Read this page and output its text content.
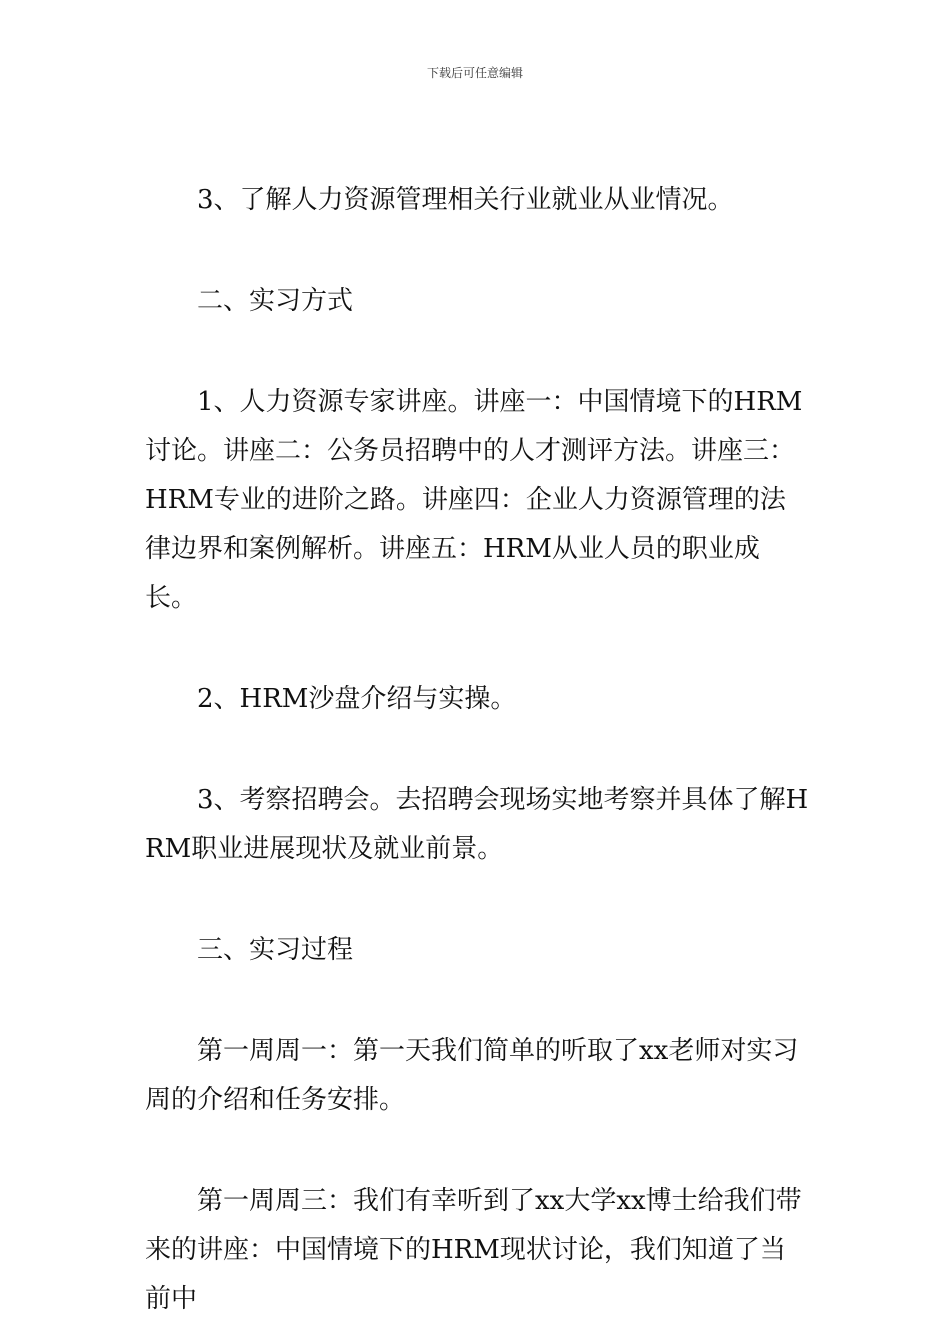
下载后可任意编辑

3、了解人力资源管理相关行业就业从业情况。

二、实习方式

1、人力资源专家讲座。讲座一：中国情境下的HRM讨论。讲座二：公务员招聘中的人才测评方法。讲座三：HRM专业的进阶之路。讲座四：企业人力资源管理的法律边界和案例解析。讲座五：HRM从业人员的职业成长。

2、HRM沙盘介绍与实操。

3、考察招聘会。去招聘会现场实地考察并具体了解HRM职业进展现状及就业前景。

三、实习过程

第一周周一：第一天我们简单的听取了xx老师对实习周的介绍和任务安排。

第一周周三：我们有幸听到了xx大学xx博士给我们带来的讲座：中国情境下的HRM现状讨论，我们知道了当前中
